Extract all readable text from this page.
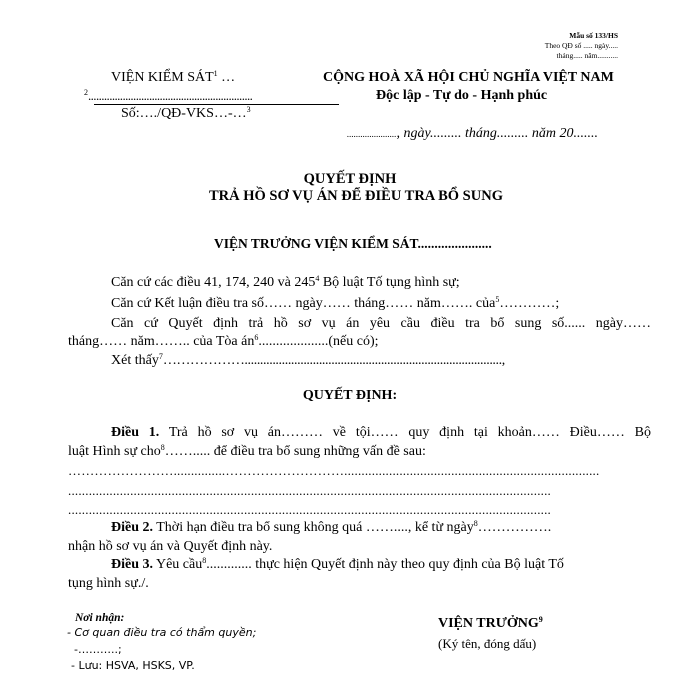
Mẫu số 133/HS
Theo QĐ số ..... ngày.....
tháng..... năm...........
VIỆN KIỂM SÁT$^1$ …
$^2$..............................................................
Số:…./QĐ-VKS…-…$^3$
CỘNG HOÀ XÃ HỘI CHỦ NGHĨA VIỆT NAM
Độc lập - Tự do - Hạnh phúc
......................, ngày......... tháng......... năm 20.......
QUYẾT ĐỊNH
TRẢ HỒ SƠ VỤ ÁN ĐỂ ĐIỀU TRA BỔ SUNG
VIỆN TRƯỞNG VIỆN KIỂM SÁT......................
Căn cứ các điều 41, 174, 240 và $245^4$ Bộ luật Tố tụng hình sự;
Căn cứ Kết luận điều tra số…… ngày…… tháng…… năm……. của$^5$…………;
Căn cứ Quyết định trả hồ sơ vụ án yêu cầu điều tra bổ sung số...... ngày……
tháng…… năm…….. của Tòa $án^6....................(nếu$ có);
Xét thấy$^7$………………...................................................................................,
QUYẾT ĐỊNH:
Điều 1. Trả hồ sơ vụ án……… về tội…… quy định tại khoản…… Điều…… Bộ
luật Hình sự cho$^8$……..... để điều tra bổ sung những vấn đề sau:
……………………...............………………………..........................................................................
............................................................................................................................................
............................................................................................................................................
Điều 2. Thời hạn điều tra bổ sung không quá ……...., kể từ ngày$^8$…………….
nhận hồ sơ vụ án và Quyết định này.
Điều 3. Yêu cầu$^8$............. thực hiện Quyết định này theo quy định của Bộ luật Tố
tụng hình sự./.
Nơi nhận:
- Cơ quan điều tra có thẩm quyền;
-………..;
- Lưu: HSVA, HSKS, VP.
VIỆN TRƯỞNG$^9$
(Ký tên, đóng dấu)
